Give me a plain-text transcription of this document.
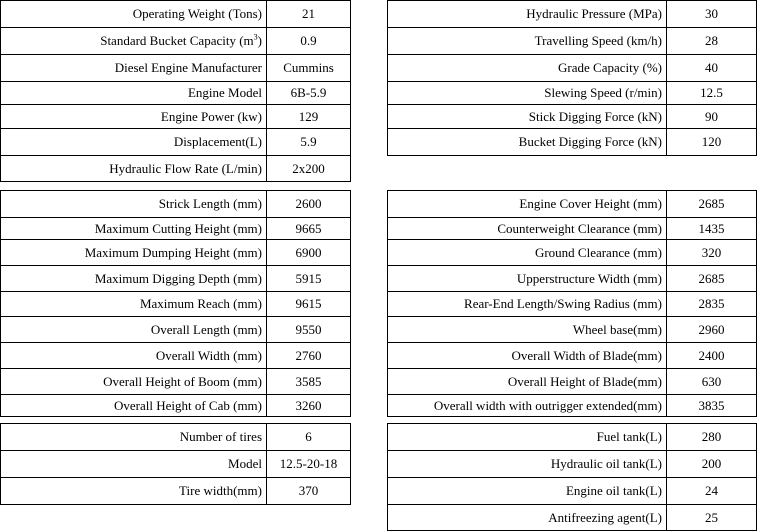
Operating Weight (Tons)	21
Standard Bucket Capacity $(m^3)$	0.9
Diesel Engine Manufacturer	Cummins
Engine Model	6B-5.9
Engine Power (kw)	129
Displacement(L)	5.9
Hydraulic Flow Rate (L/min)	2x200
Hydraulic Pressure (MPa)	30
Travelling Speed (km/h)	28
Grade Capacity (%)	40
Slewing Speed (r/min)	12.5
Stick Digging Force (kN)	90
Bucket Digging Force (kN)	120
Strick Length (mm)	2600
Maximum Cutting Height (mm)	9665
Maximum Dumping Height (mm)	6900
Maximum Digging Depth (mm)	5915
Maximum Reach (mm)	9615
Overall Length (mm)	9550
Overall Width (mm)	2760
Overall Height of Boom (mm)	3585
Overall Height of Cab (mm)	3260
Engine Cover Height (mm)	2685
Counterweight Clearance (mm)	1435
Ground Clearance (mm)	320
Upperstructure Width (mm)	2685
Rear-End Length/Swing Radius (mm)	2835
Wheel base(mm)	2960
Overall Width of Blade(mm)	2400
Overall Height of Blade(mm)	630
Overall width with outrigger extended(mm)	3835
Number of tires	6
Model	12.5-20-18
Tire width(mm)	370
Fuel tank(L)	280
Hydraulic oil tank(L)	200
Engine oil tank(L)	24
Antifreezing agent(L)	25
